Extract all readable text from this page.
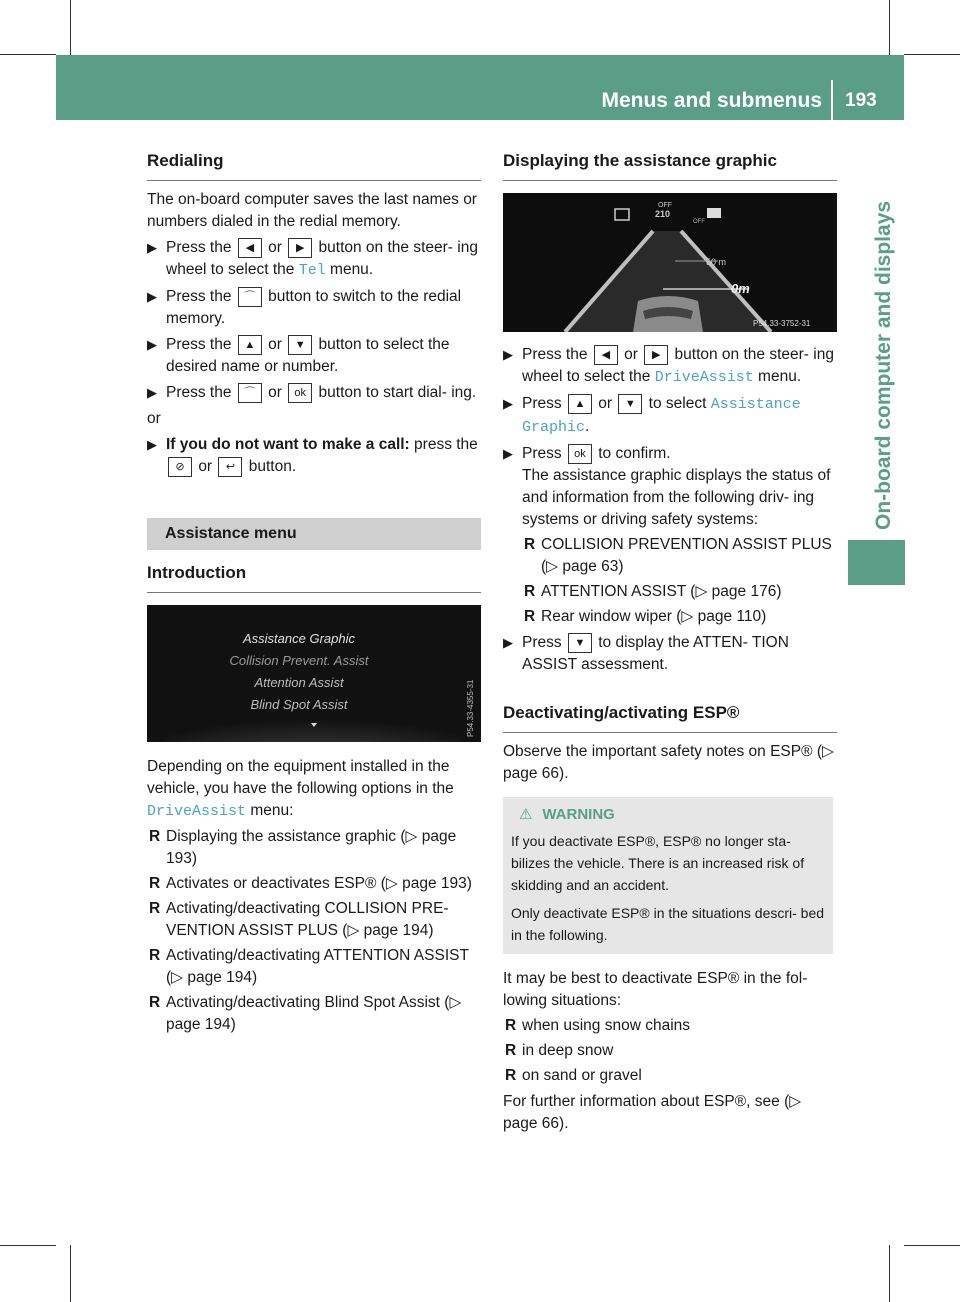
Menus and submenus 193
On-board computer and displays
Redialing

The on-board computer saves the last names or numbers dialed in the redial memory.

▶ Press the ◀ or ▶ button on the steer- ing wheel to select the Tel menu.
▶ Press the ⌒ button to switch to the redial memory.
▶ Press the ▲ or ▼ button to select the desired name or number.
▶ Press the ⌒ or ok button to start dial- ing.

or

▶ If you do not want to make a call: press the ⊘ or ↩ button.
Assistance menu
Introduction
Assistance Graphic
Collision Prevent. Assist
Attention Assist
Blind Spot Assist	P54.33-4355-31

Depending on the equipment installed in the vehicle, you have the following options in the DriveAssist menu:

R Displaying the assistance graphic (▷ page 193)
R Activates or deactivates ESP® (▷ page 193)
R Activating/deactivating COLLISION PRE- VENTION ASSIST PLUS (▷ page 194)
R Activating/deactivating ATTENTION ASSIST (▷ page 194)
R Activating/deactivating Blind Spot Assist (▷ page 194)
Displaying the assistance graphic
OFF
210
OFF
50 m
0m
P54.33-3752-31
▶ Press the ◀ or ▶ button on the steer- ing wheel to select the DriveAssist menu.
▶ Press ▲ or ▼ to select Assistance Graphic.
▶ Press ok to confirm.
The assistance graphic displays the status of and information from the following driv- ing systems or driving safety systems:
R COLLISION PREVENTION ASSIST PLUS (▷ page 63)
R ATTENTION ASSIST (▷ page 176)
R Rear window wiper (▷ page 110)
▶ Press ▼ to display the ATTEN- TION ASSIST assessment.
Deactivating/activating ESP®

Observe the important safety notes on ESP® (▷ page 66).

⚠ WARNING

If you deactivate ESP®, ESP® no longer sta- bilizes the vehicle. There is an increased risk of skidding and an accident.

Only deactivate ESP® in the situations descri- bed in the following.

It may be best to deactivate ESP® in the fol- lowing situations:

R when using snow chains
R in deep snow
R on sand or gravel

For further information about ESP®, see (▷ page 66).
